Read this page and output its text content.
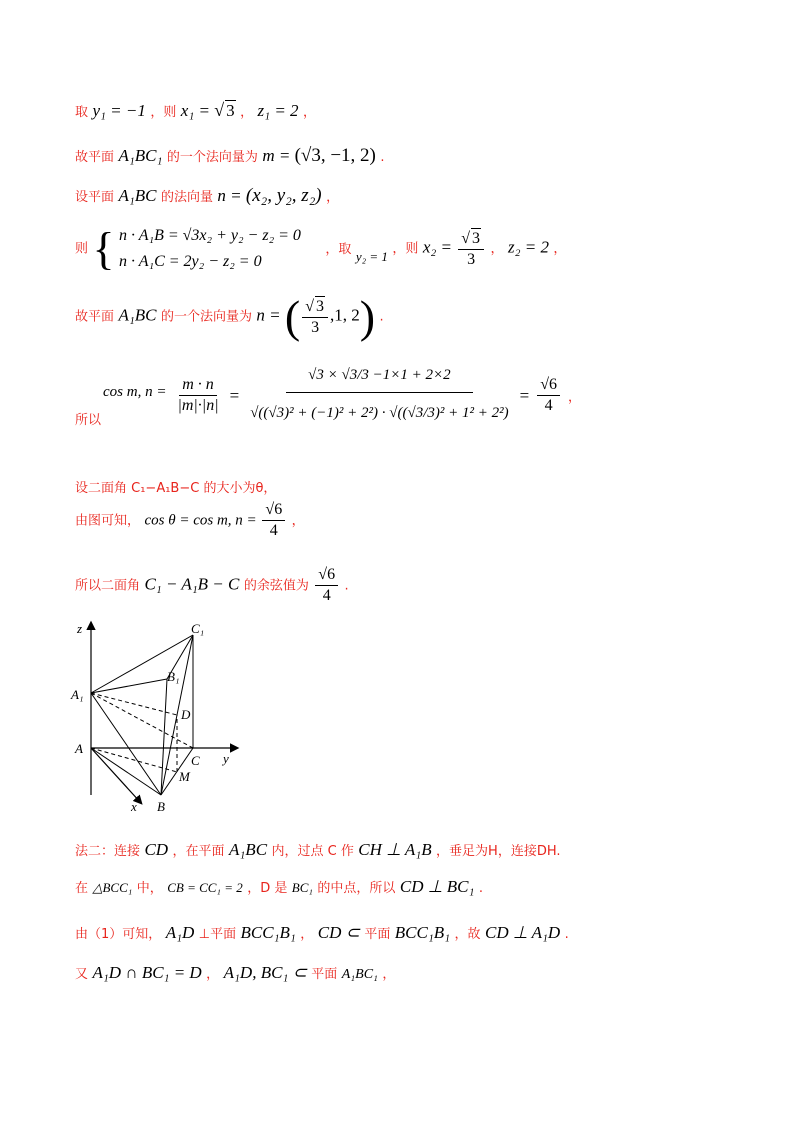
取 y₁ = −1 ，则 x₁ = √ 3 ， z₁ = 2 ，
故平面 A₁BC₁ 的一个法向量为 m = (√3, −1, 2) .
设平面 A₁BC 的法向量 n = (x₂, y₂, z₂) ，
则 { n · A₁B = √3x₂ + y₂ − z₂ = 0
n · A₁C = 2y₂ − z₂ = 0
，取 y₂ = 1 ，则 $x_2 = \frac{√ 3}{3}$ ， z₂ = 2 ，
故平面 A₁BC 的一个法向量为 n = ( $\frac{√ 3}{3} ,1$, 2) .
cos m, n =
所以
$\frac{m \cdot n}{|m|\cdot|n|} = \frac{√3 \times √3/3 -1\times 1 + 2\times 2}{\text{√((√3)² + (−1)² + 2²) · √((√3/3)² + 1² + 2²)}} = \frac{√6}{4}$ ，
设二面角 C₁−A₁B−C 的大小为θ，
由图可知， cos θ = cos m, $n = \frac{√6}{4}$ ，
所以二面角 C₁ − A₁B − C 的余弦值为 $\frac{√6}{4}$ .
z
y
x
A
A₁
B
B₁
C
C₁
D
M
法二：连接 CD ，在平面 A₁BC 内，过点 C 作 CH ⊥ A₁B ，垂足为H，连接DH.
在 △BCC₁ 中， CB = CC₁ = 2 ，D 是 BC₁ 的中点，所以 CD ⊥ BC₁ .
由（1）可知， A₁D ⊥平面 BCC₁B₁ ， CD ⊂ 平面 BCC₁B₁ ，故 CD ⊥ A₁D .
又 A₁D ∩ BC₁ = D ， A₁D, BC₁ ⊂ 平面 A₁BC₁ ，
